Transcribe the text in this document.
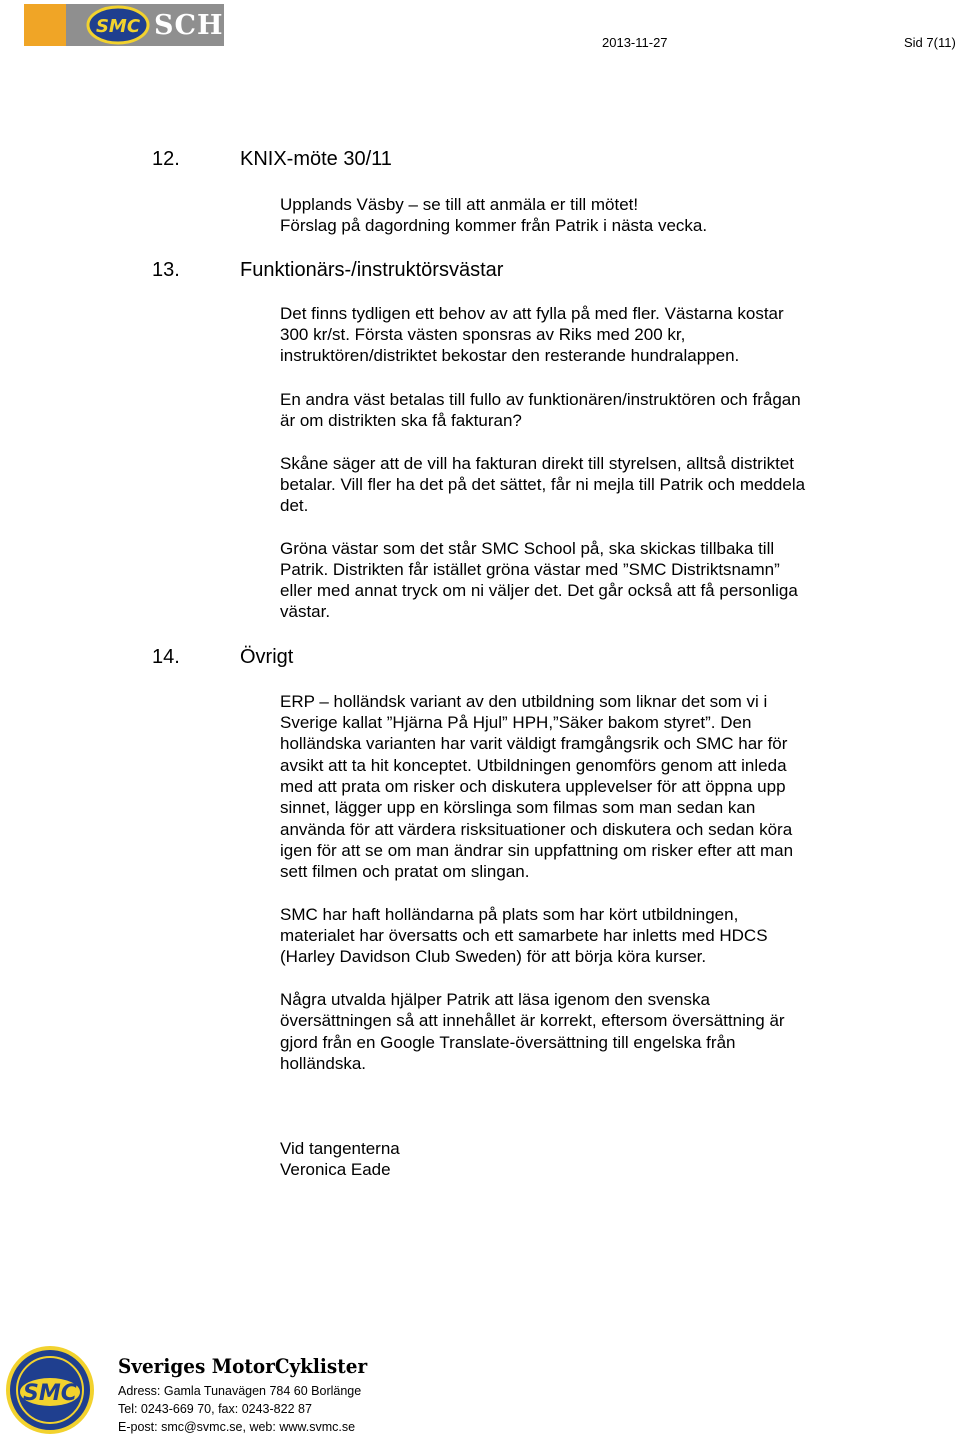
SMC SCHOOL
2013-11-27	Sid 7(11)
12.	KNIX-möte 30/11
Upplands Väsby – se till att anmäla er till mötet!
Förslag på dagordning kommer från Patrik i nästa vecka.
13.	Funktionärs-/instruktörsvästar
Det finns tydligen ett behov av att fylla på med fler. Västarna kostar
300 kr/st. Första västen sponsras av Riks med 200 kr,
instruktören/distriktet bekostar den resterande hundralappen.
En andra väst betalas till fullo av funktionären/instruktören och frågan
är om distrikten ska få fakturan?
Skåne säger att de vill ha fakturan direkt till styrelsen, alltså distriktet
betalar. Vill fler ha det på det sättet, får ni mejla till Patrik och meddela
det.
Gröna västar som det står SMC School på, ska skickas tillbaka till
Patrik. Distrikten får istället gröna västar med ”SMC Distriktsnamn”
eller med annat tryck om ni väljer det. Det går också att få personliga
västar.
14.	Övrigt
ERP – holländsk variant av den utbildning som liknar det som vi i
Sverige kallat ”Hjärna På Hjul” HPH,”Säker bakom styret”. Den
holländska varianten har varit väldigt framgångsrik och SMC har för
avsikt att ta hit konceptet. Utbildningen genomförs genom att inleda
med att prata om risker och diskutera upplevelser för att öppna upp
sinnet, lägger upp en körslinga som filmas som man sedan kan
använda för att värdera risksituationer och diskutera och sedan köra
igen för att se om man ändrar sin uppfattning om risker efter att man
sett filmen och pratat om slingan.
SMC har haft holländarna på plats som har kört utbildningen,
materialet har översatts och ett samarbete har inletts med HDCS
(Harley Davidson Club Sweden) för att börja köra kurser.
Några utvalda hjälper Patrik att läsa igenom den svenska
översättningen så att innehållet är korrekt, eftersom översättning är
gjord från en Google Translate-översättning till engelska från
holländska.
Vid tangenterna
Veronica Eade
SMC
Sveriges MotorCyklister
Adress: Gamla Tunavägen 784 60 Borlänge
Tel: 0243-669 70, fax: 0243-822 87
E-post: smc@svmc.se, web: www.svmc.se
